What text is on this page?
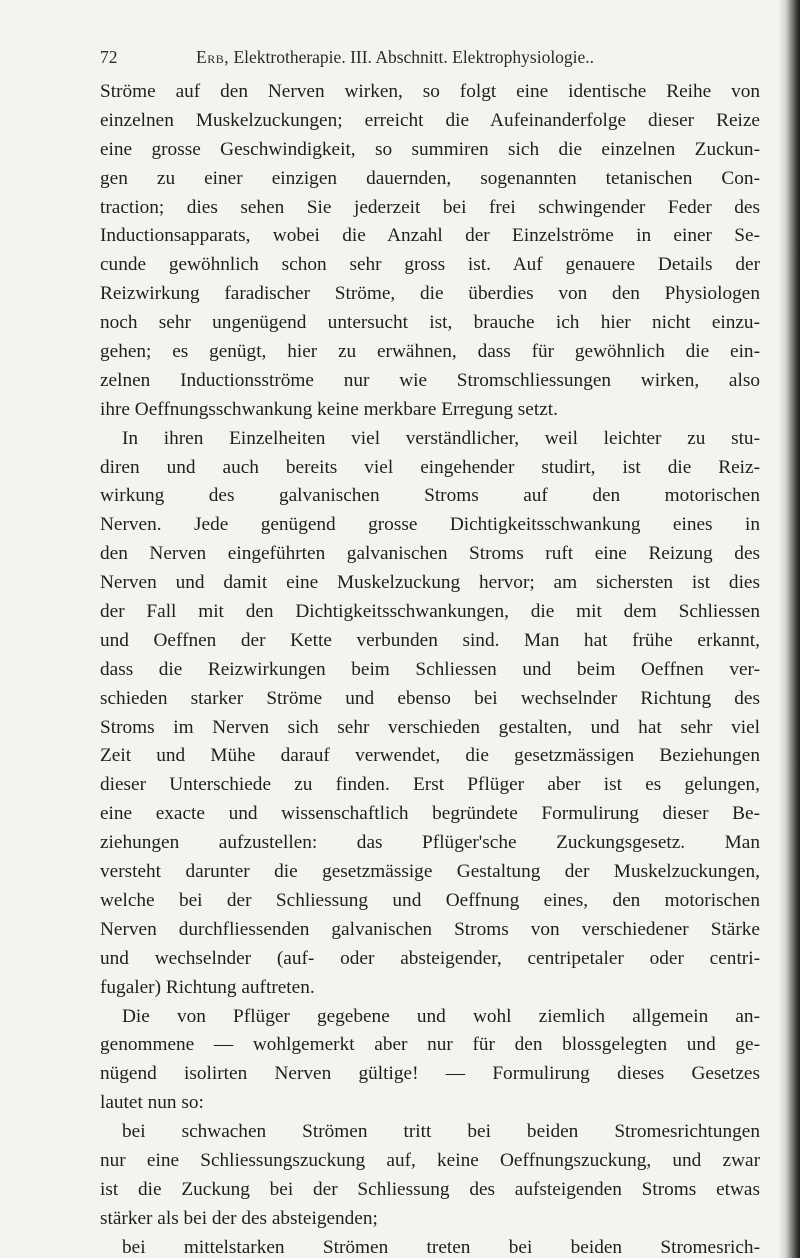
72	Erb, Elektrotherapie. III. Abschnitt. Elektrophysiologie..
Ströme auf den Nerven wirken, so folgt eine identische Reihe von
einzelnen Muskelzuckungen; erreicht die Aufeinanderfolge dieser Reize
eine grosse Geschwindigkeit, so summiren sich die einzelnen Zuckun-
gen zu einer einzigen dauernden, sogenannten tetanischen Con-
traction; dies sehen Sie jederzeit bei frei schwingender Feder des
Inductionsapparats, wobei die Anzahl der Einzelströme in einer Se-
cunde gewöhnlich schon sehr gross ist. Auf genauere Details der
Reizwirkung faradischer Ströme, die überdies von den Physiologen
noch sehr ungenügend untersucht ist, brauche ich hier nicht einzu-
gehen; es genügt, hier zu erwähnen, dass für gewöhnlich die ein-
zelnen Inductionsströme nur wie Stromschliessungen wirken, also
ihre Oeffnungsschwankung keine merkbare Erregung setzt.
In ihren Einzelheiten viel verständlicher, weil leichter zu stu-
diren und auch bereits viel eingehender studirt, ist die Reiz-
wirkung des galvanischen Stroms auf den motorischen
Nerven. Jede genügend grosse Dichtigkeitsschwankung eines in
den Nerven eingeführten galvanischen Stroms ruft eine Reizung des
Nerven und damit eine Muskelzuckung hervor; am sichersten ist dies
der Fall mit den Dichtigkeitsschwankungen, die mit dem Schliessen
und Oeffnen der Kette verbunden sind. Man hat frühe erkannt,
dass die Reizwirkungen beim Schliessen und beim Oeffnen ver-
schieden starker Ströme und ebenso bei wechselnder Richtung des
Stroms im Nerven sich sehr verschieden gestalten, und hat sehr viel
Zeit und Mühe darauf verwendet, die gesetzmässigen Beziehungen
dieser Unterschiede zu finden. Erst Pflüger aber ist es gelungen,
eine exacte und wissenschaftlich begründete Formulirung dieser Be-
ziehungen aufzustellen: das Pflüger'sche Zuckungsgesetz. Man
versteht darunter die gesetzmässige Gestaltung der Muskelzuckungen,
welche bei der Schliessung und Oeffnung eines, den motorischen
Nerven durchfliessenden galvanischen Stroms von verschiedener Stärke
und wechselnder (auf- oder absteigender, centripetaler oder centri-
fugaler) Richtung auftreten.
Die von Pflüger gegebene und wohl ziemlich allgemein an-
genommene — wohlgemerkt aber nur für den blossgelegten und ge-
nügend isolirten Nerven gültige! — Formulirung dieses Gesetzes
lautet nun so:
bei schwachen Strömen tritt bei beiden Stromesrichtungen
nur eine Schliessungszuckung auf, keine Oeffnungszuckung, und zwar
ist die Zuckung bei der Schliessung des aufsteigenden Stroms etwas
stärker als bei der des absteigenden;
bei mittelstarken Strömen treten bei beiden Stromesrich-
